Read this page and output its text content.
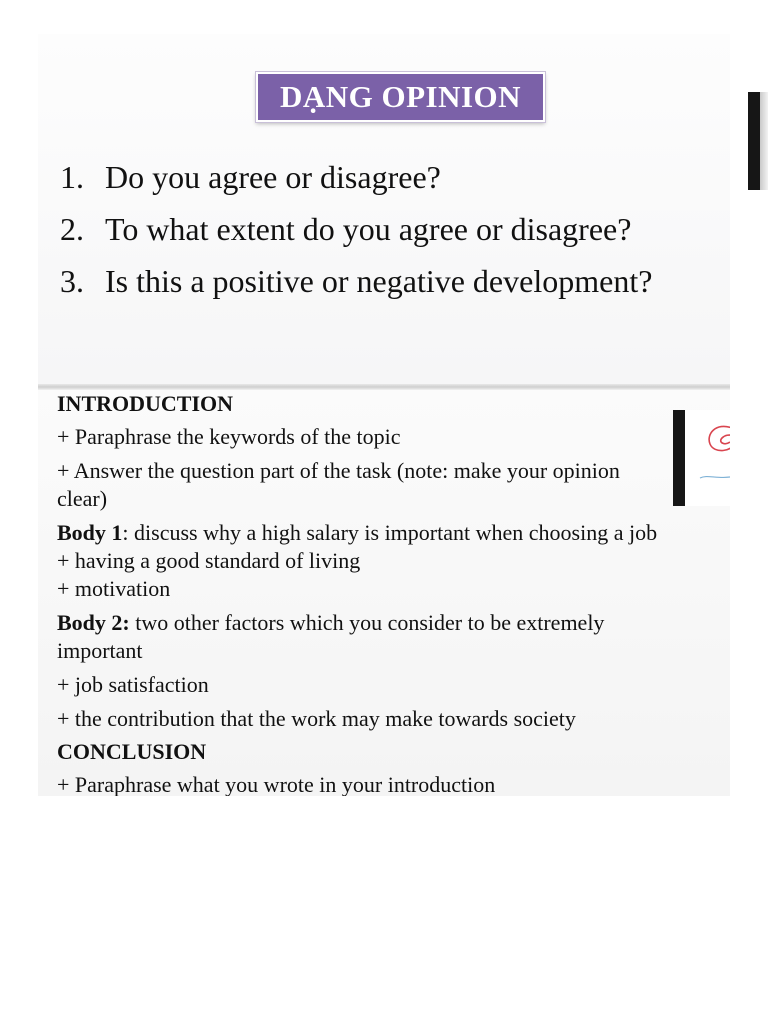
DẠNG OPINION
1. Do you agree or disagree?
2. To what extent do you agree or disagree?
3. Is this a positive or negative development?
INTRODUCTION
+ Paraphrase the keywords of the topic
+ Answer the question part of the task (note: make your opinion
clear)
Body 1: discuss why a high salary is important when choosing a job
+ having a good standard of living
+ motivation
Body 2: two other factors which you consider to be extremely
important
+ job satisfaction
+ the contribution that the work may make towards society
CONCLUSION
+ Paraphrase what you wrote in your introduction
